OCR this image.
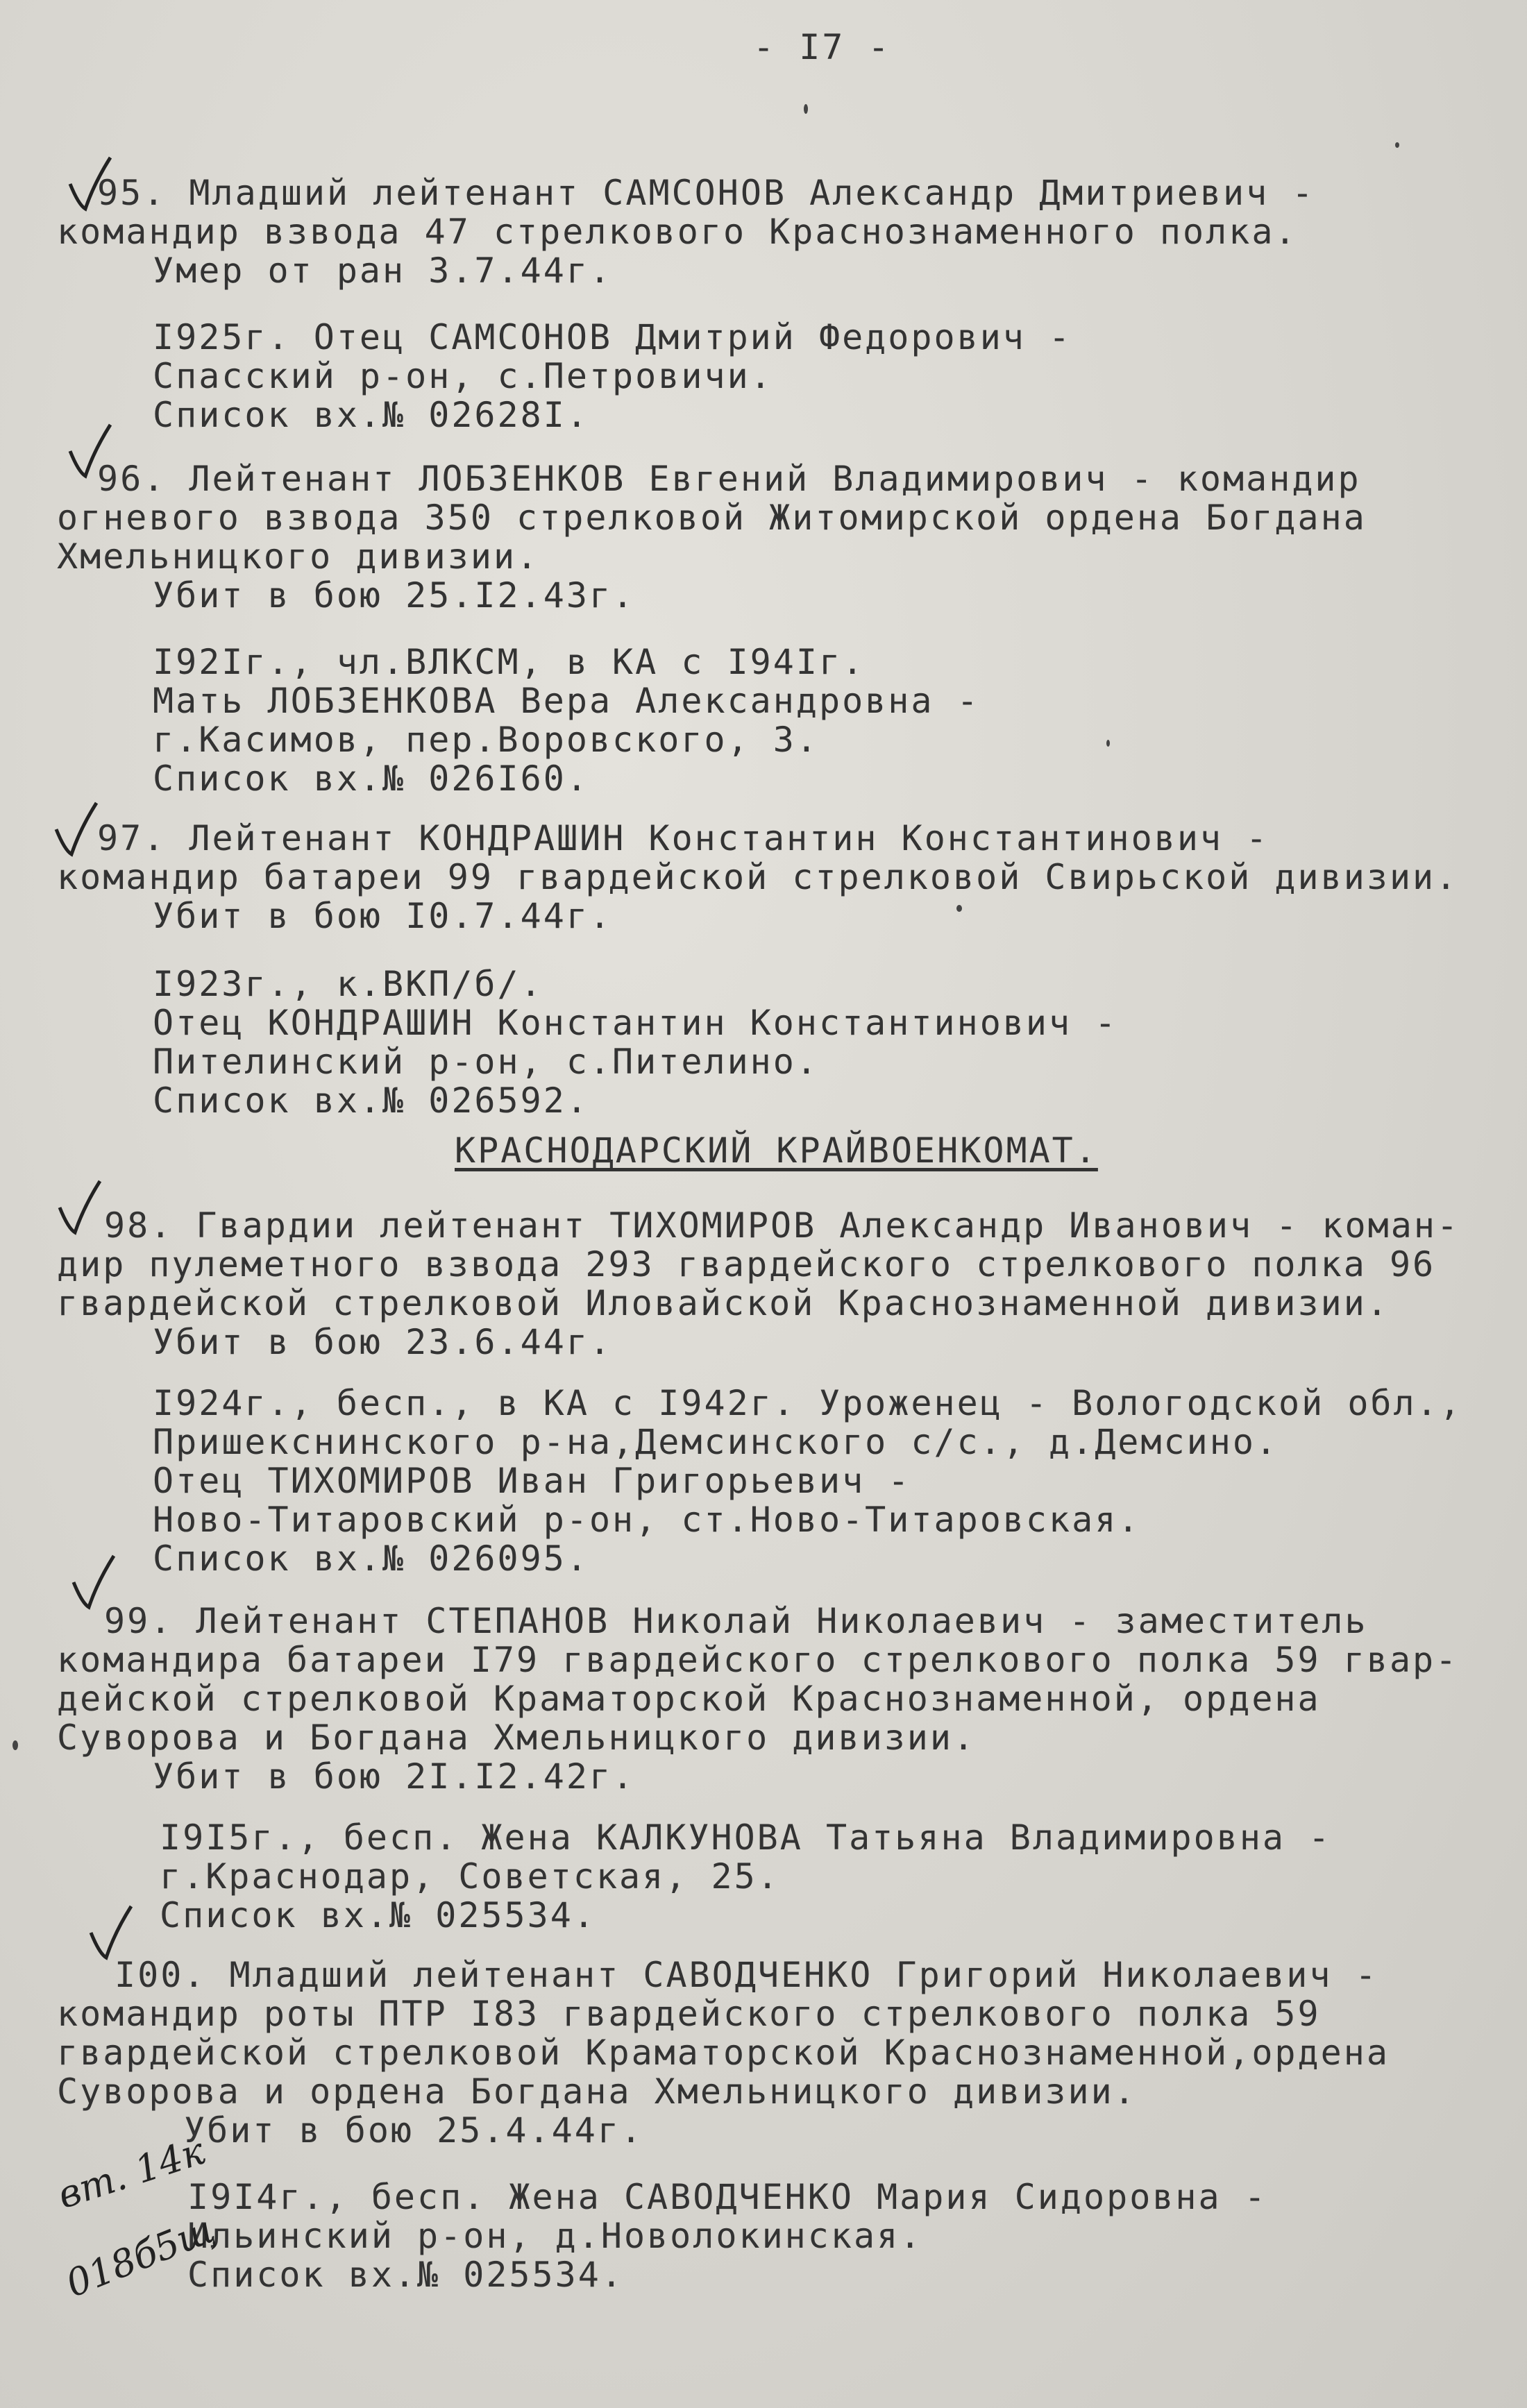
- I7 -
95. Младший лейтенант САМСОНОВ Александр Дмитриевич -
командир взвода 47 стрелкового Краснознаменного полка.
Умер от ран 3.7.44г.
I925г. Отец САМСОНОВ Дмитрий Федорович -
Спасский р-он, с.Петровичи.
Список вх.№ 02628I.
96. Лейтенант ЛОБЗЕНКОВ Евгений Владимирович - командир
огневого взвода 350 стрелковой Житомирской ордена Богдана
Хмельницкого дивизии.
Убит в бою 25.I2.43г.
I92Iг., чл.ВЛКСМ, в КА с I94Iг.
Мать ЛОБЗЕНКОВА Вера Александровна -
г.Касимов, пер.Воровского, 3.
Список вх.№ 026I60.
97. Лейтенант КОНДРАШИН Константин Константинович -
командир батареи 99 гвардейской стрелковой Свирьской дивизии.
Убит в бою I0.7.44г.
I923г., к.ВКП/б/.
Отец КОНДРАШИН Константин Константинович -
Пителинский р-он, с.Пителино.
Список вх.№ 026592.
КРАСНОДАРСКИЙ КРАЙВОЕНКОМАТ.
98. Гвардии лейтенант ТИХОМИРОВ Александр Иванович - коман-
дир пулеметного взвода 293 гвардейского стрелкового полка 96
гвардейской стрелковой Иловайской Краснознаменной дивизии.
Убит в бою 23.6.44г.
I924г., бесп., в КА с I942г. Уроженец - Вологодской обл.,
Пришекснинского р-на,Демсинского с/с., д.Демсино.
Отец ТИХОМИРОВ Иван Григорьевич -
Ново-Титаровский р-он, ст.Ново-Титаровская.
Список вх.№ 026095.
99. Лейтенант СТЕПАНОВ Николай Николаевич - заместитель
командира батареи I79 гвардейского стрелкового полка 59 гвар-
дейской стрелковой Краматорской Краснознаменной, ордена
Суворова и Богдана Хмельницкого дивизии.
Убит в бою 2I.I2.42г.
I9I5г., бесп. Жена КАЛКУНОВА Татьяна Владимировна -
г.Краснодар, Советская, 25.
Список вх.№ 025534.
I00. Младший лейтенант САВОДЧЕНКО Григорий Николаевич -
командир роты ПТР I83 гвардейского стрелкового полка 59
гвардейской стрелковой Краматорской Краснознаменной,ордена
Суворова и ордена Богдана Хмельницкого дивизии.
Убит в бою 25.4.44г.
I9I4г., бесп. Жена САВОДЧЕНКО Мария Сидоровна -
Ильинский р-он, д.Новолокинская.
Список вх.№ 025534.
вт. 14к
018б5щ
